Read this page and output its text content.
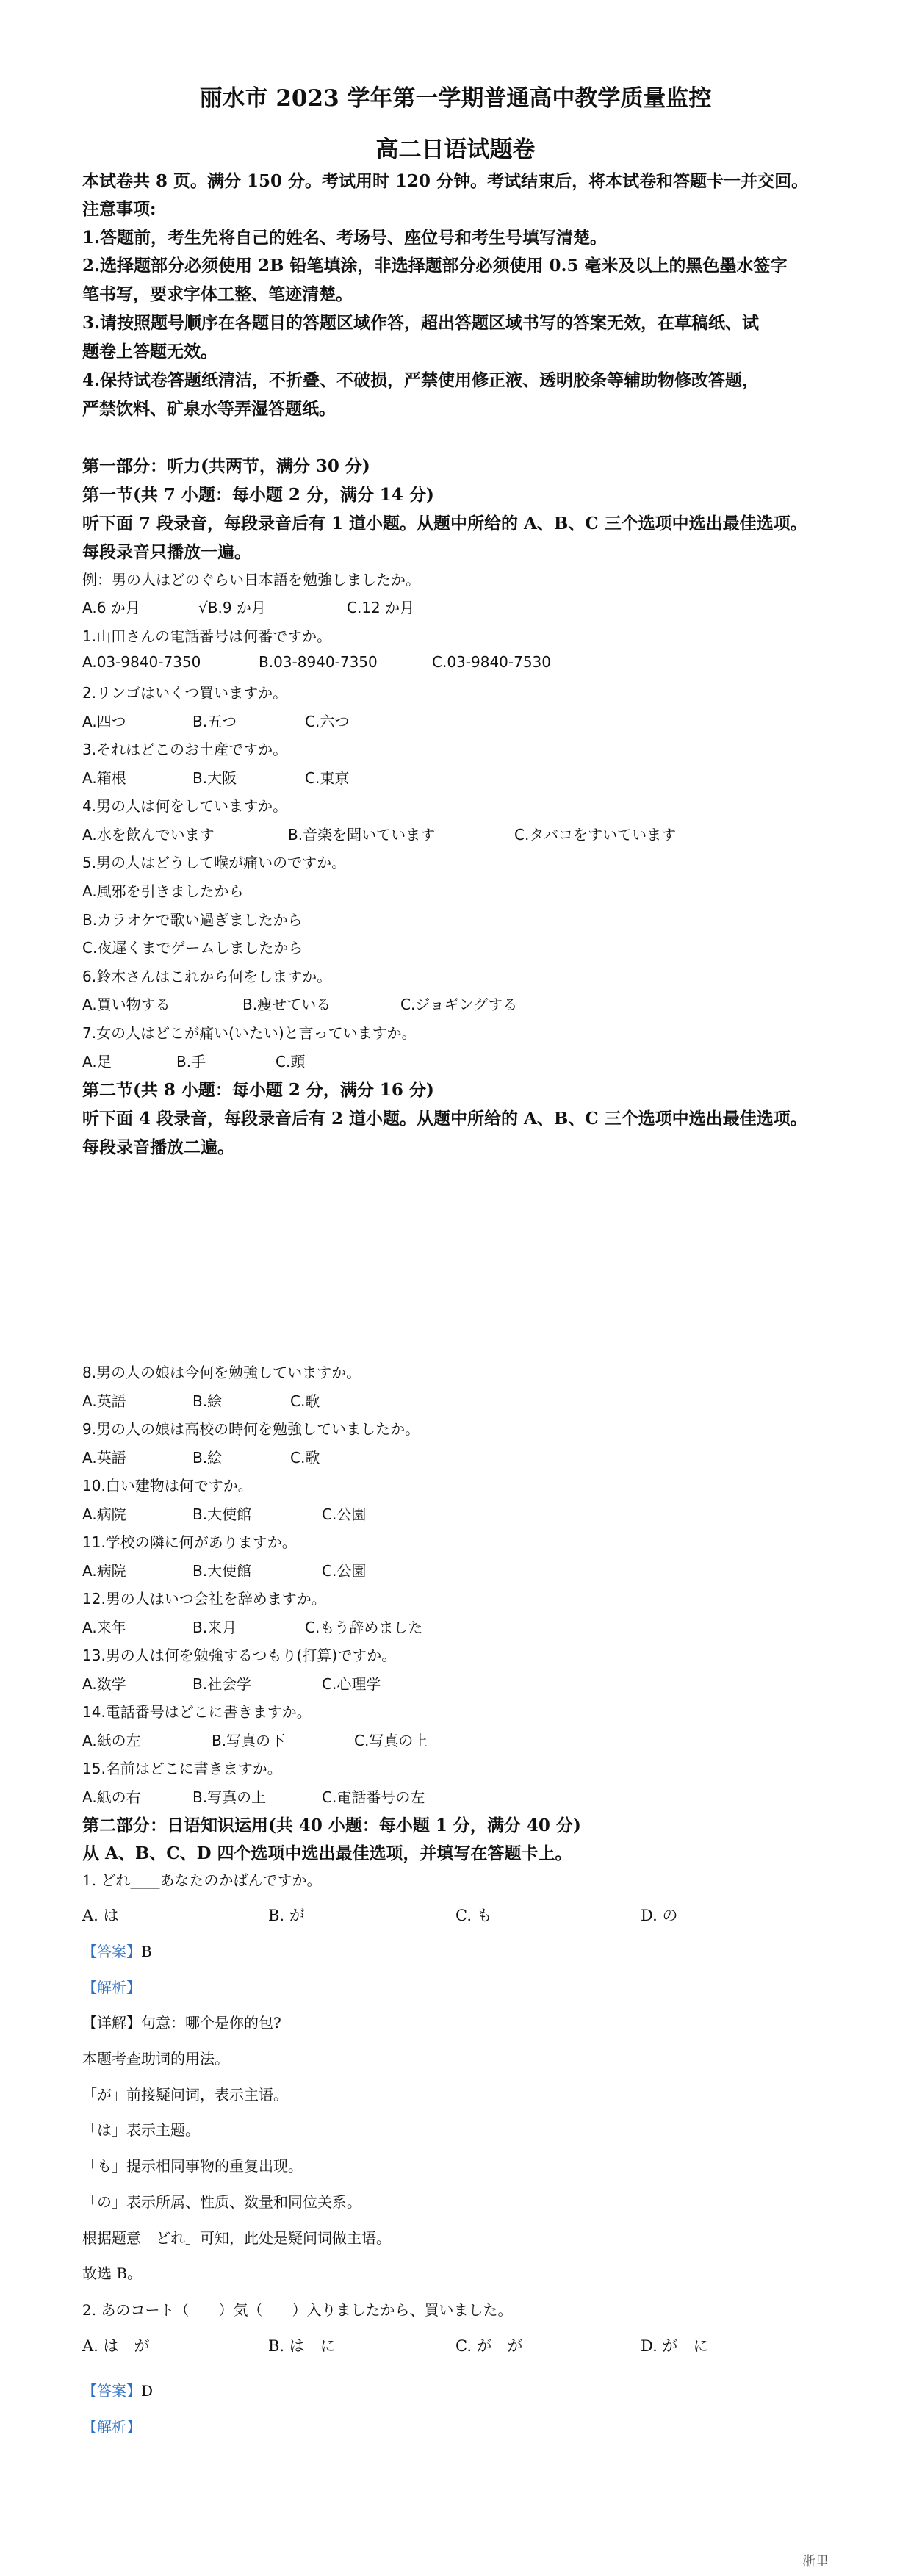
丽水市 2023 学年第一学期普通高中教学质量监控
高二日语试题卷
本试卷共 8 页。满分 150 分。考试用时 120 分钟。考试结束后，将本试卷和答题卡一并交回。
注意事项:
1.答题前，考生先将自己的姓名、考场号、座位号和考生号填写清楚。
2.选择题部分必须使用 2B 铅笔填涂，非选择题部分必须使用 0.5 毫米及以上的黑色墨水签字
笔书写，要求字体工整、笔迹清楚。
3.请按照题号顺序在各题目的答题区域作答，超出答题区域书写的答案无效，在草稿纸、试
题卷上答题无效。
4.保持试卷答题纸清洁，不折叠、不破损，严禁使用修正液、透明胶条等辅助物修改答题，
严禁饮料、矿泉水等弄湿答题纸。
第一部分：听力(共两节，满分 30 分)
第一节(共 7 小题：每小题 2 分，满分 14 分)
听下面 7 段录音，每段录音后有 1 道小题。从题中所给的 A、B、C 三个选项中选出最佳选项。
每段录音只播放一遍。
例：男の人はどのぐらい日本語を勉強しましたか。
A.6 か月	√B.9 か月	C.12 か月
1.山田さんの電話番号は何番ですか。
A.03-9840-7350	B.03-8940-7350	C.03-9840-7530
2.リンゴはいくつ買いますか。
A.四つ	B.五つ	C.六つ
3.それはどこのお土産ですか。
A.箱根	B.大阪	C.東京
4.男の人は何をしていますか。
A.水を飲んでいます	B.音楽を聞いています	C.タバコをすいています
5.男の人はどうして喉が痛いのですか。
A.風邪を引きましたから
B.カラオケで歌い過ぎましたから
C.夜遅くまでゲームしましたから
6.鈴木さんはこれから何をしますか。
A.買い物する	B.痩せている	C.ジョギングする
7.女の人はどこが痛い(いたい)と言っていますか。
A.足	B.手	C.頭
第二节(共 8 小题：每小题 2 分，满分 16 分)
听下面 4 段录音，每段录音后有 2 道小题。从题中所给的 A、B、C 三个选项中选出最佳选项。
每段录音播放二遍。
8.男の人の娘は今何を勉強していますか。
A.英語	B.絵	C.歌
9.男の人の娘は高校の時何を勉強していましたか。
A.英語	B.絵	C.歌
10.白い建物は何ですか。
A.病院	B.大使館	C.公園
11.学校の隣に何がありますか。
A.病院	B.大使館	C.公園
12.男の人はいつ会社を辞めますか。
A.来年	B.来月	C.もう辞めました
13.男の人は何を勉強するつもり(打算)ですか。
A.数学	B.社会学	C.心理学
14.電話番号はどこに書きますか。
A.紙の左	B.写真の下	C.写真の上
15.名前はどこに書きますか。
A.紙の右	B.写真の上	C.電話番号の左
第二部分：日语知识运用(共 40 小题：每小题 1 分，满分 40 分)
从 A、B、C、D 四个选项中选出最佳选项，并填写在答题卡上。
1. どれ____あなたのかばんですか。
A. は	B. が	C. も	D. の
【答案】B
【解析】
【详解】句意：哪个是你的包?
本题考查助词的用法。
「が」前接疑问词，表示主语。
「は」表示主题。
「も」提示相同事物的重复出现。
「の」表示所属、性质、数量和同位关系。
根据题意「どれ」可知，此处是疑问词做主语。
故选 B。
2. あのコート（　　）気（　　）入りましたから、買いました。
A. は　が	B. は　に	C. が　が	D. が　に
【答案】D
【解析】
浙里
